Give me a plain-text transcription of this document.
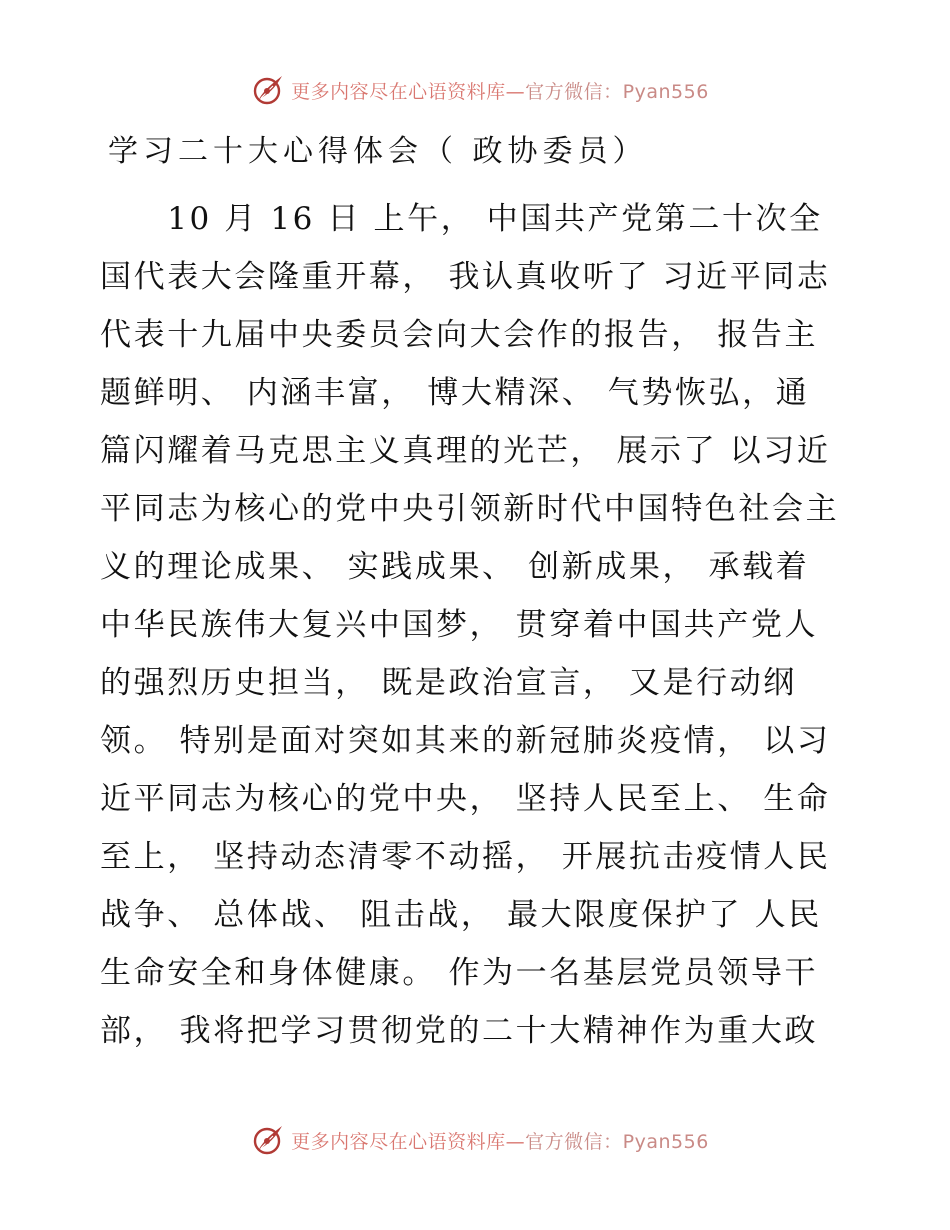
更多内容尽在心语资料库—官方微信：Pyan556
学习二十大心得体会（ 政协委员）
　　10 月 16 日 上午， 中国共产党第二十次全
国代表大会隆重开幕， 我认真收听了 习近平同志
代表十九届中央委员会向大会作的报告， 报告主
题鲜明、 内涵丰富， 博大精深、 气势恢弘，通
篇闪耀着马克思主义真理的光芒， 展示了 以习近
平同志为核心的党中央引领新时代中国特色社会主
义的理论成果、 实践成果、 创新成果， 承载着
中华民族伟大复兴中国梦， 贯穿着中国共产党人
的强烈历史担当， 既是政治宣言， 又是行动纲
领。 特别是面对突如其来的新冠肺炎疫情， 以习
近平同志为核心的党中央， 坚持人民至上、 生命
至上， 坚持动态清零不动摇， 开展抗击疫情人民
战争、 总体战、 阻击战， 最大限度保护了 人民
生命安全和身体健康。 作为一名基层党员领导干
部， 我将把学习贯彻党的二十大精神作为重大政
更多内容尽在心语资料库—官方微信：Pyan556
